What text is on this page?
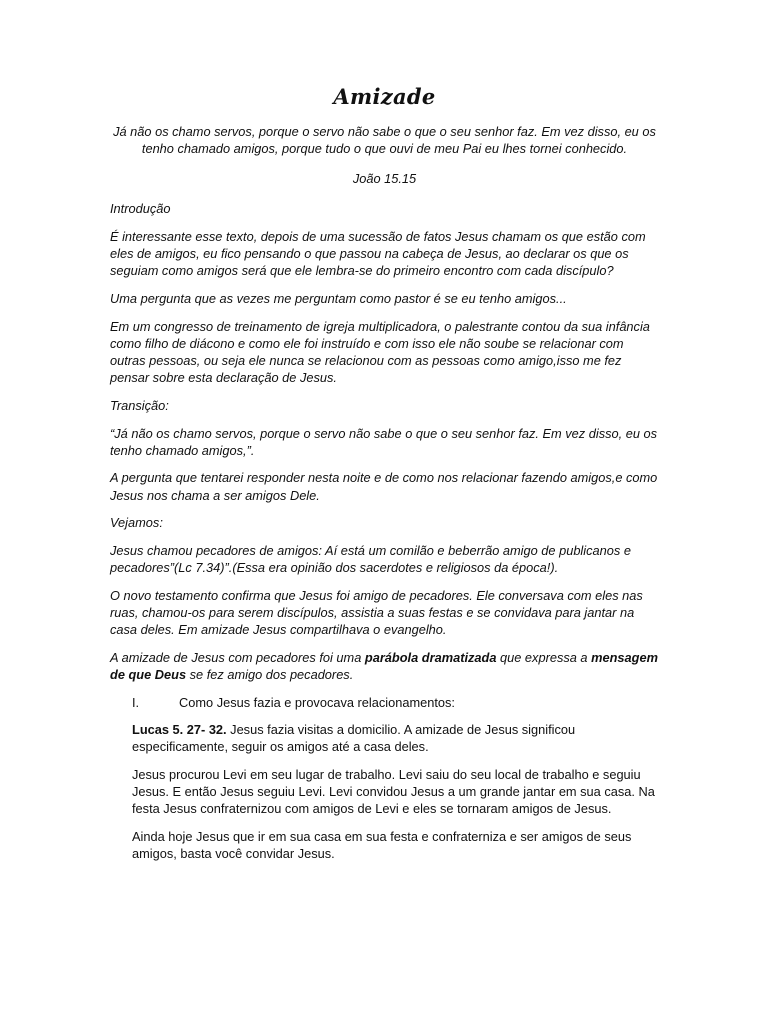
Amizade

Já não os chamo servos, porque o servo não sabe o que o seu senhor faz. Em vez disso, eu os tenho chamado amigos, porque tudo o que ouvi de meu Pai eu lhes tornei conhecido.

João 15.15

Introdução

É interessante esse texto, depois de uma sucessão de fatos Jesus chamam os que estão com eles de amigos, eu fico pensando o que passou na cabeça de Jesus, ao declarar os que os seguiam como amigos será que ele lembra-se do primeiro encontro com cada discípulo?

Uma pergunta que as vezes me perguntam como pastor é se eu tenho amigos...

Em um congresso de treinamento de igreja multiplicadora, o palestrante contou da sua infância como filho de diácono e como ele foi instruído e com isso ele não soube se relacionar com outras pessoas, ou seja ele nunca se relacionou com as pessoas como amigo,isso me fez pensar sobre esta declaração de Jesus.

Transição:

“Já não os chamo servos, porque o servo não sabe o que o seu senhor faz. Em vez disso, eu os tenho chamado amigos,”.

A pergunta que tentarei responder nesta noite e de como nos relacionar fazendo amigos,e como Jesus nos chama a ser amigos Dele.

Vejamos:

Jesus chamou pecadores de amigos: Aí está um comilão e beberrão amigo de publicanos e pecadores”(Lc 7.34)”.(Essa era opinião dos sacerdotes e religiosos da época!).

O novo testamento confirma que Jesus foi amigo de pecadores. Ele conversava com eles nas ruas, chamou-os para serem discípulos, assistia a suas festas e se convidava para jantar na casa deles. Em amizade Jesus compartilhava o evangelho.

A amizade de Jesus com pecadores foi uma parábola dramatizada que expressa a mensagem de que Deus se fez amigo dos pecadores.

I.	Como Jesus fazia e provocava relacionamentos:

Lucas 5. 27- 32. Jesus fazia visitas a domicilio. A amizade de Jesus significou especificamente, seguir os amigos até a casa deles.

Jesus procurou Levi em seu lugar de trabalho. Levi saiu do seu local de trabalho e seguiu Jesus. E então Jesus seguiu Levi. Levi convidou Jesus a um grande jantar em sua casa. Na festa Jesus confraternizou com amigos de Levi e eles se tornaram amigos de Jesus.

Ainda hoje Jesus que ir em sua casa em sua festa e confraterniza e ser amigos de seus amigos, basta você convidar Jesus.
